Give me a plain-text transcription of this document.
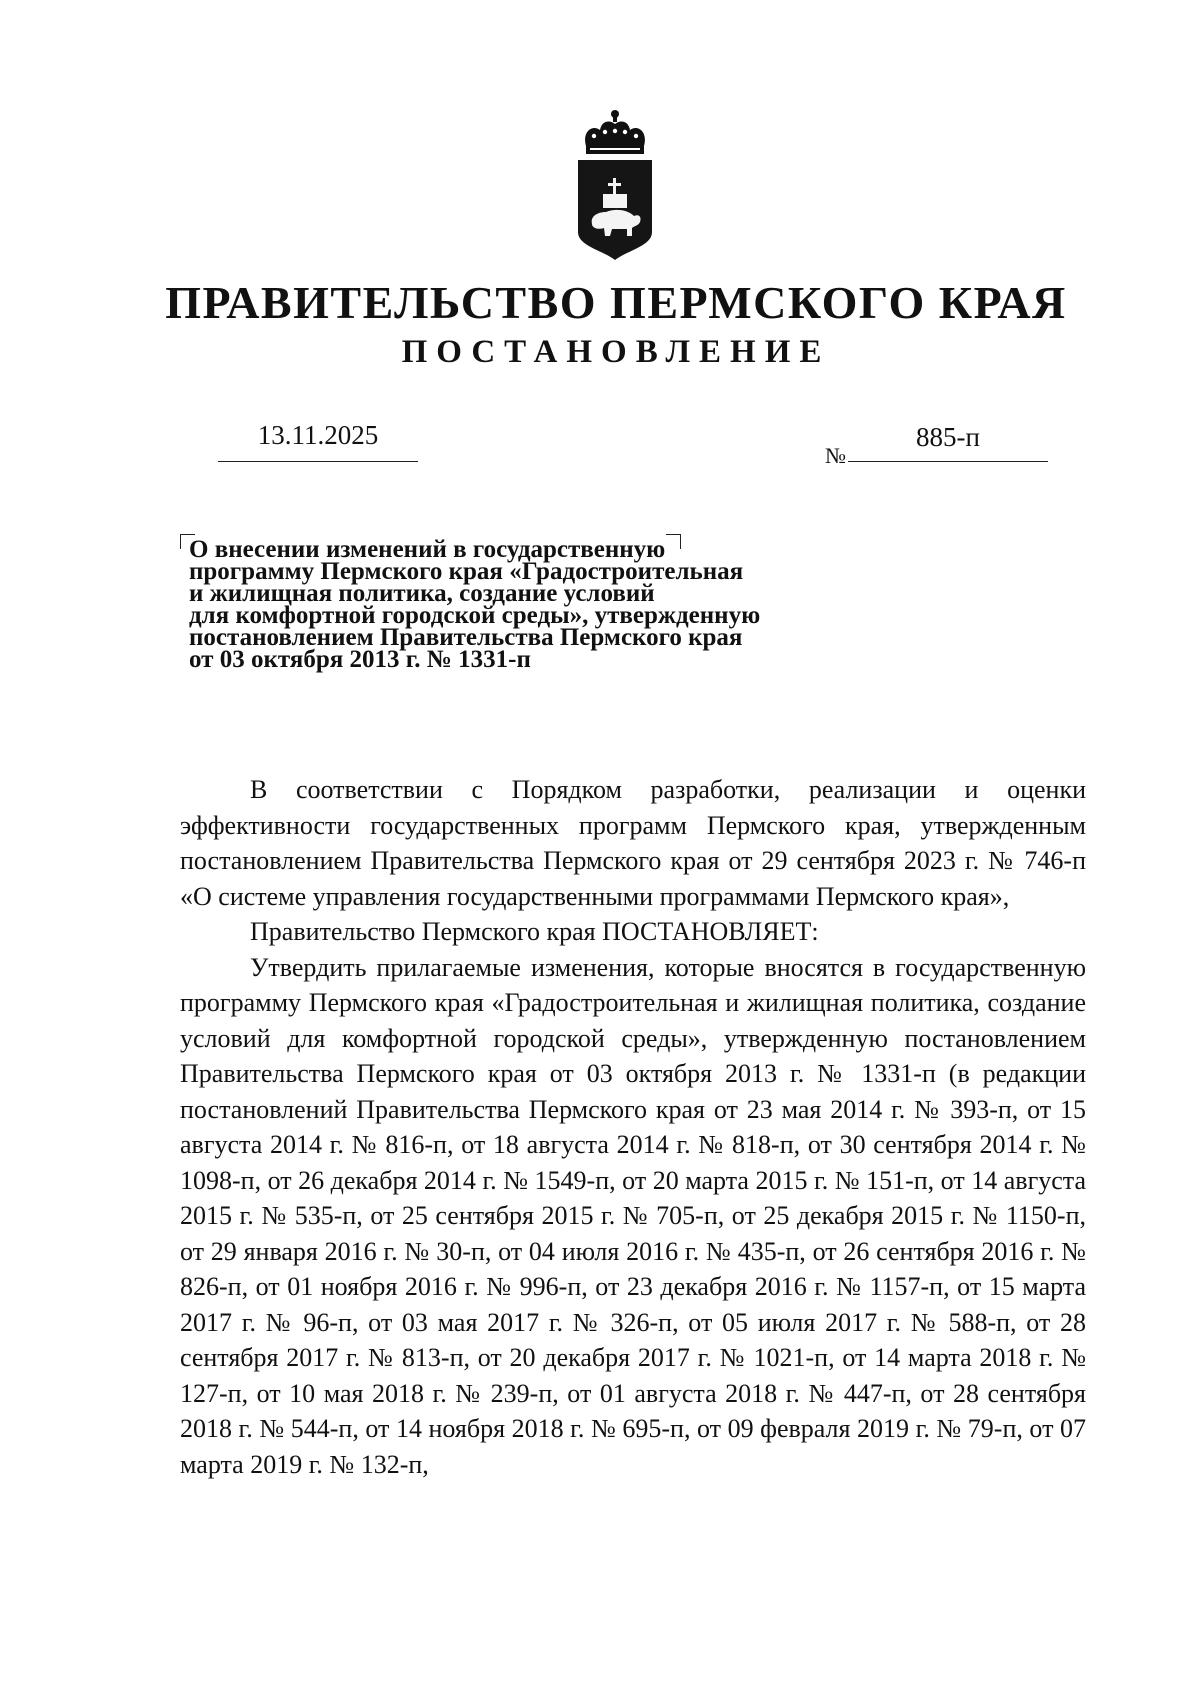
ПРАВИТЕЛЬСТВО ПЕРМСКОГО КРАЯ
ПОСТАНОВЛЕНИЕ
13.11.2025
№
885-п
О внесении изменений в государственную
программу Пермского края «Градостроительная
и жилищная политика, создание условий
для комфортной городской среды», утвержденную
постановлением Правительства Пермского края
от 03 октября 2013 г. № 1331-п

В соответствии с Порядком разработки, реализации и оценки эффективности государственных программ Пермского края, утвержденным постановлением Правительства Пермского края от 29 сентября 2023 г. № 746-п «О системе управления государственными программами Пермского края»,

Правительство Пермского края ПОСТАНОВЛЯЕТ:

Утвердить прилагаемые изменения, которые вносятся в государственную программу Пермского края «Градостроительная и жилищная политика, создание условий для комфортной городской среды», утвержденную постановлением Правительства Пермского края от 03 октября 2013 г. № 1331-п (в редакции постановлений Правительства Пермского края от 23 мая 2014 г. № 393-п, от 15 августа 2014 г. № 816-п, от 18 августа 2014 г. № 818-п, от 30 сентября 2014 г. № 1098-п, от 26 декабря 2014 г. № 1549-п, от 20 марта 2015 г. № 151-п, от 14 августа 2015 г. № 535-п, от 25 сентября 2015 г. № 705-п, от 25 декабря 2015 г. № 1150-п, от 29 января 2016 г. № 30-п, от 04 июля 2016 г. № 435-п, от 26 сентября 2016 г. № 826-п, от 01 ноября 2016 г. № 996-п, от 23 декабря 2016 г. № 1157-п, от 15 марта 2017 г. № 96-п, от 03 мая 2017 г. № 326-п, от 05 июля 2017 г. № 588-п, от 28 сентября 2017 г. № 813-п, от 20 декабря 2017 г. № 1021-п, от 14 марта 2018 г. № 127-п, от 10 мая 2018 г. № 239-п, от 01 августа 2018 г. № 447-п, от 28 сентября 2018 г. № 544-п, от 14 ноября 2018 г. № 695-п, от 09 февраля 2019 г. № 79-п, от 07 марта 2019 г. № 132-п,
